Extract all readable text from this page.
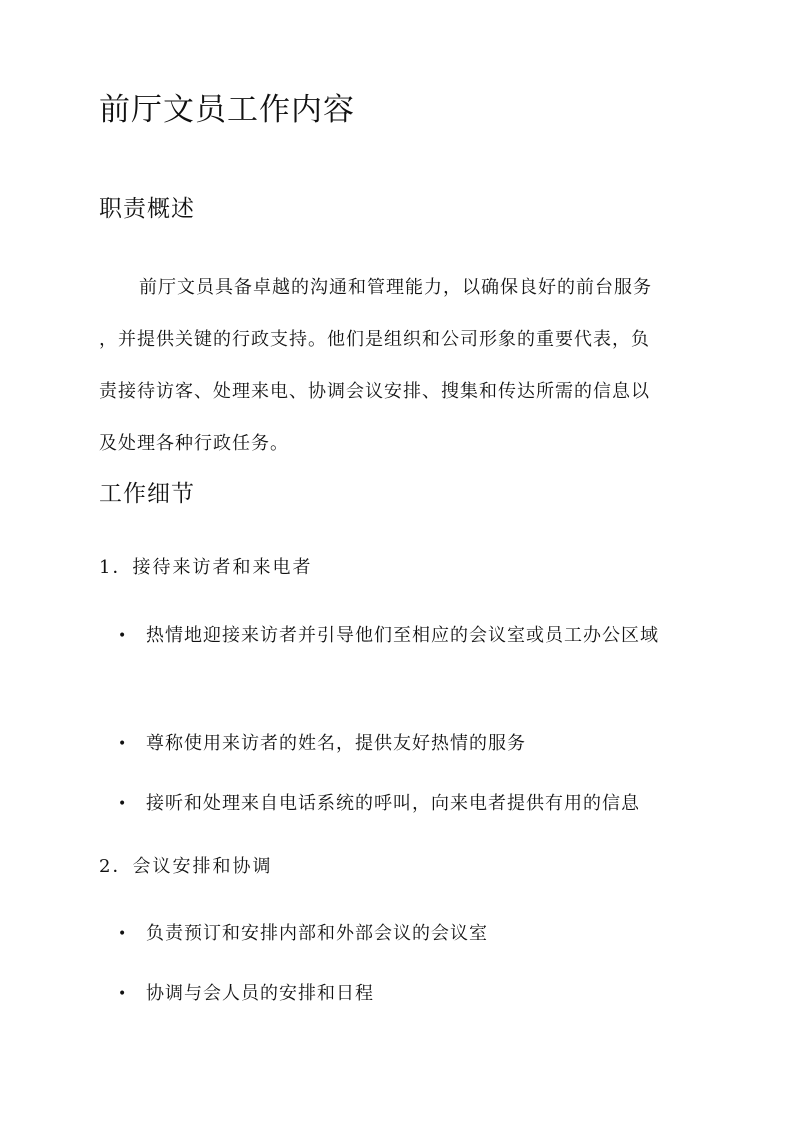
前厅文员工作内容
职责概述

前厅文员具备卓越的沟通和管理能力，以确保良好的前台服务
，并提供关键的行政支持。他们是组织和公司形象的重要代表，负
责接待访客、处理来电、协调会议安排、搜集和传达所需的信息以
及处理各种行政任务。

工作细节
1．接待来访者和来电者
• 热情地迎接来访者并引导他们至相应的会议室或员工办公区域
• 尊称使用来访者的姓名，提供友好热情的服务
• 接听和处理来自电话系统的呼叫，向来电者提供有用的信息
2．会议安排和协调
• 负责预订和安排内部和外部会议的会议室
• 协调与会人员的安排和日程
